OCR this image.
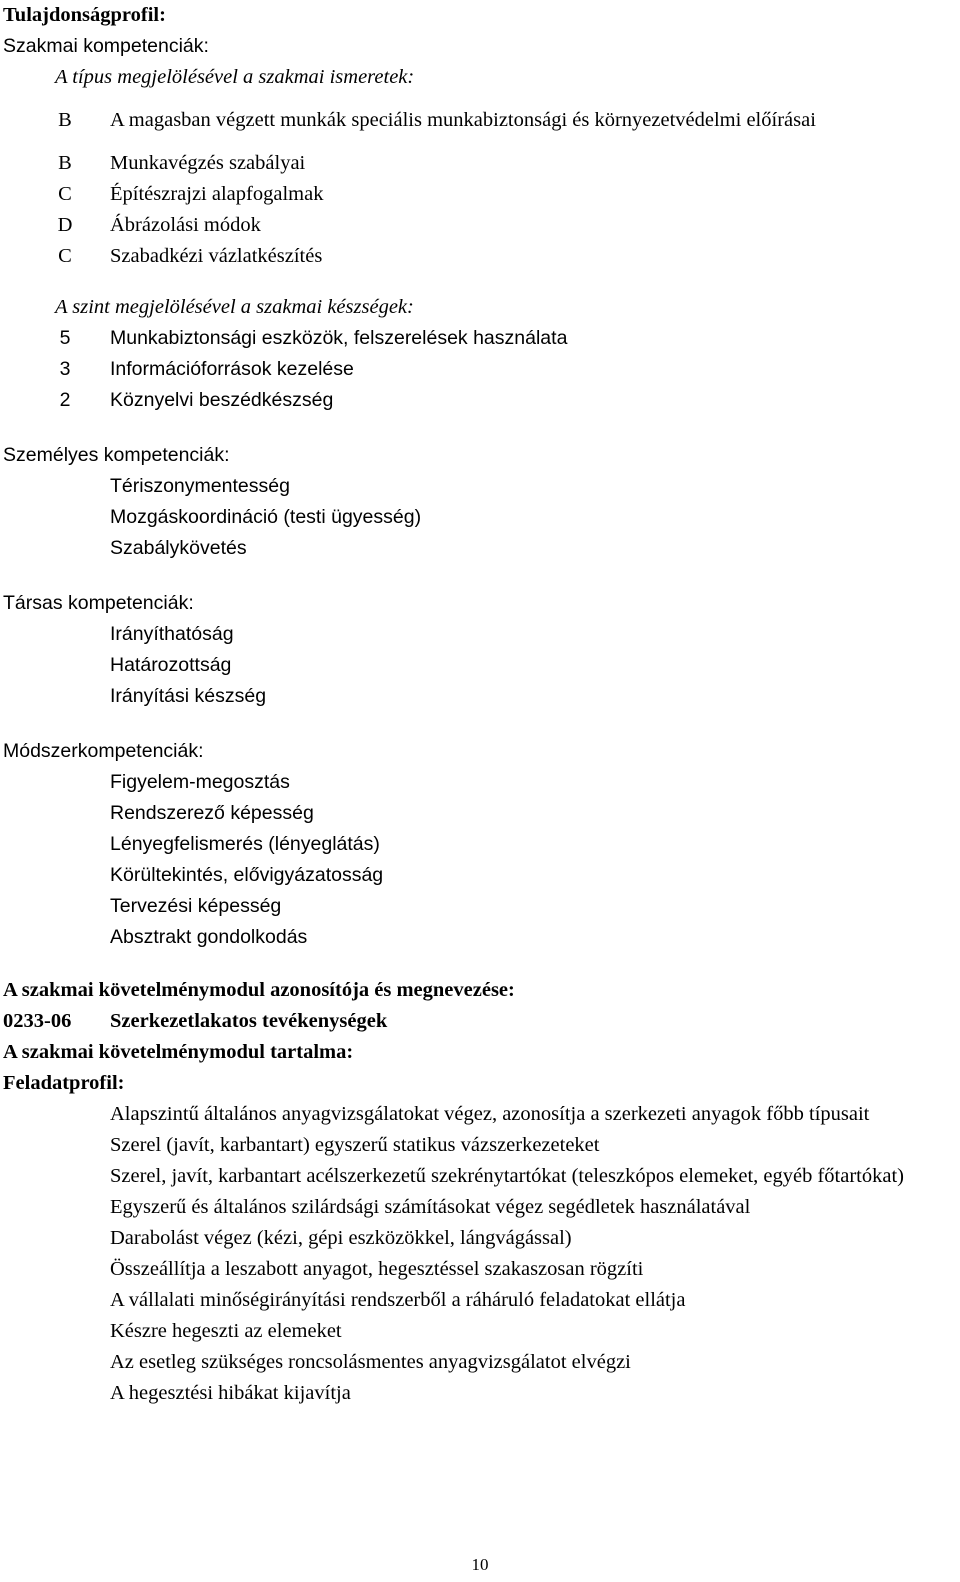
Tulajdonságprofil:
Szakmai kompetenciák:
A típus megjelölésével a szakmai ismeretek:
B A magasban végzett munkák speciális munkabiztonsági és környezetvédelmi előírásai
B Munkavégzés szabályai
C Építészrajzi alapfogalmak
D Ábrázolási módok
C Szabadkézi vázlatkészítés
A szint megjelölésével a szakmai készségek:
5 Munkabiztonsági eszközök, felszerelések használata
3 Információforrások kezelése
2 Köznyelvi beszédkészség
Személyes kompetenciák:
Tériszonymentesség
Mozgáskoordináció (testi ügyesség)
Szabálykövetés
Társas kompetenciák:
Irányíthatóság
Határozottság
Irányítási készség
Módszerkompetenciák:
Figyelem-megosztás
Rendszerező képesség
Lényegfelismerés (lényeglátás)
Körültekintés, elővigyázatosság
Tervezési képesség
Absztrakt gondolkodás
A szakmai követelménymodul azonosítója és megnevezése:
0233-06 Szerkezetlakatos tevékenységek
A szakmai követelménymodul tartalma:
Feladatprofil:
Alapszintű általános anyagvizsgálatokat végez, azonosítja a szerkezeti anyagok főbb típusait
Szerel (javít, karbantart) egyszerű statikus vázszerkezeteket
Szerel, javít, karbantart acélszerkezetű szekrénytartókat (teleszkópos elemeket, egyéb főtartókat)
Egyszerű és általános szilárdsági számításokat végez segédletek használatával
Darabolást végez (kézi, gépi eszközökkel, lángvágással)
Összeállítja a leszabott anyagot, hegesztéssel szakaszosan rögzíti
A vállalati minőségirányítási rendszerből a ráháruló feladatokat ellátja
Készre hegeszti az elemeket
Az esetleg szükséges roncsolásmentes anyagvizsgálatot elvégzi
A hegesztési hibákat kijavítja
10
